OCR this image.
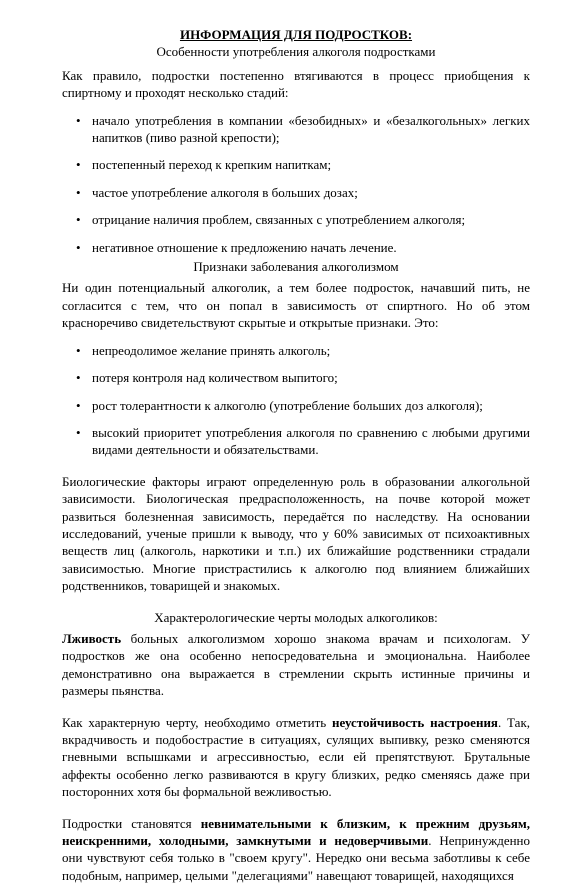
ИНФОРМАЦИЯ ДЛЯ ПОДРОСТКОВ:

Особенности употребления алкоголя подростками

Как правило, подростки постепенно втягиваются в процесс приобщения к спиртному и проходят несколько стадий:

• начало употребления в компании «безобидных» и «безалкогольных» легких напитков (пиво разной крепости);
• постепенный переход к крепким напиткам;
• частое употребление алкоголя в больших дозах;
• отрицание наличия проблем, связанных с употреблением алкоголя;
• негативное отношение к предложению начать лечение.

Признаки заболевания алкоголизмом

Ни один потенциальный алкоголик, а тем более подросток, начавший пить, не согласится с тем, что он попал в зависимость от спиртного. Но об этом красноречиво свидетельствуют скрытые и открытые признаки. Это:

• непреодолимое желание принять алкоголь;
• потеря контроля над количеством выпитого;
• рост толерантности к алкоголю (употребление больших доз алкоголя);
• высокий приоритет употребления алкоголя по сравнению с любыми другими видами деятельности и обязательствами.

Биологические факторы играют определенную роль в образовании алкогольной зависимости. Биологическая предрасположенность, на почве которой может развиться болезненная зависимость, передаётся по наследству. На основании исследований, ученые пришли к выводу, что у 60% зависимых от психоактивных веществ лиц (алкоголь, наркотики и т.п.) их ближайшие родственники страдали зависимостью. Многие пристрастились к алкоголю под влиянием ближайших родственников, товарищей и знакомых.

Характерологические черты молодых алкоголиков:

Лживость больных алкоголизмом хорошо знакома врачам и психологам. У подростков же она особенно непосредовательна и эмоциональна. Наиболее демонстративно она выражается в стремлении скрыть истинные причины и размеры пьянства.

Как характерную черту, необходимо отметить неустойчивость настроения. Так, вкрадчивость и подобострастие в ситуациях, сулящих выпивку, резко сменяются гневными вспышками и агрессивностью, если ей препятствуют. Брутальные аффекты особенно легко развиваются в кругу близких, редко сменяясь даже при посторонних хотя бы формальной вежливостью.

Подростки становятся невнимательными к близким, к прежним друзьям, неискренними, холодными, замкнутыми и недоверчивыми. Непринужденно они чувствуют себя только в "своем кругу". Нередко они весьма заботливы к себе подобным, например, целыми "делегациями" навещают товарищей, находящихся
